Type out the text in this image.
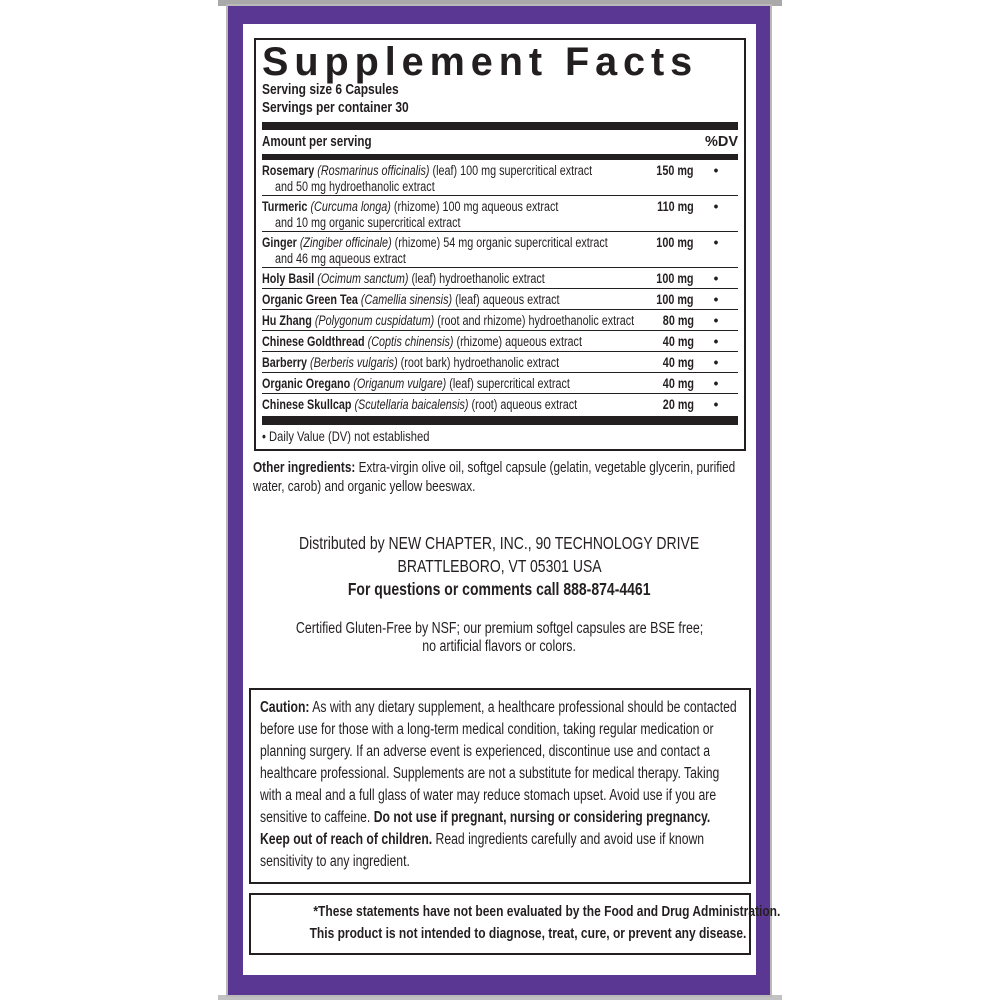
Supplement Facts
Serving size 6 Capsules
Servings per container 30
Amount per serving	%DV
Rosemary (Rosmarinus officinalis) (leaf) 100 mg supercritical extract
and 50 mg hydroethanolic extract
150 mg	•
Turmeric (Curcuma longa) (rhizome) 100 mg aqueous extract
and 10 mg organic supercritical extract
110 mg	•
Ginger (Zingiber officinale) (rhizome) 54 mg organic supercritical extract
and 46 mg aqueous extract
100 mg	•
Holy Basil (Ocimum sanctum) (leaf) hydroethanolic extract	100 mg	•
Organic Green Tea (Camellia sinensis) (leaf) aqueous extract	100 mg	•
Hu Zhang (Polygonum cuspidatum) (root and rhizome) hydroethanolic extract	80 mg	•
Chinese Goldthread (Coptis chinensis) (rhizome) aqueous extract	40 mg	•
Barberry (Berberis vulgaris) (root bark) hydroethanolic extract	40 mg	•
Organic Oregano (Origanum vulgare) (leaf) supercritical extract	40 mg	•
Chinese Skullcap (Scutellaria baicalensis) (root) aqueous extract	20 mg	•
• Daily Value (DV) not established
Other ingredients: Extra-virgin olive oil, softgel capsule (gelatin, vegetable glycerin, purified water, carob) and organic yellow beeswax.
Distributed by NEW CHAPTER, INC., 90 TECHNOLOGY DRIVE
BRATTLEBORO, VT 05301 USA
For questions or comments call 888-874-4461
Certified Gluten-Free by NSF; our premium softgel capsules are BSE free;
no artificial flavors or colors.
Caution: As with any dietary supplement, a healthcare professional should be contacted before use for those with a long-term medical condition, taking regular medication or planning surgery. If an adverse event is experienced, discontinue use and contact a healthcare professional. Supplements are not a substitute for medical therapy. Taking with a meal and a full glass of water may reduce stomach upset. Avoid use if you are sensitive to caffeine. Do not use if pregnant, nursing or considering pregnancy. Keep out of reach of children. Read ingredients carefully and avoid use if known sensitivity to any ingredient.
*These statements have not been evaluated by the Food and Drug Administration.
This product is not intended to diagnose, treat, cure, or prevent any disease.
